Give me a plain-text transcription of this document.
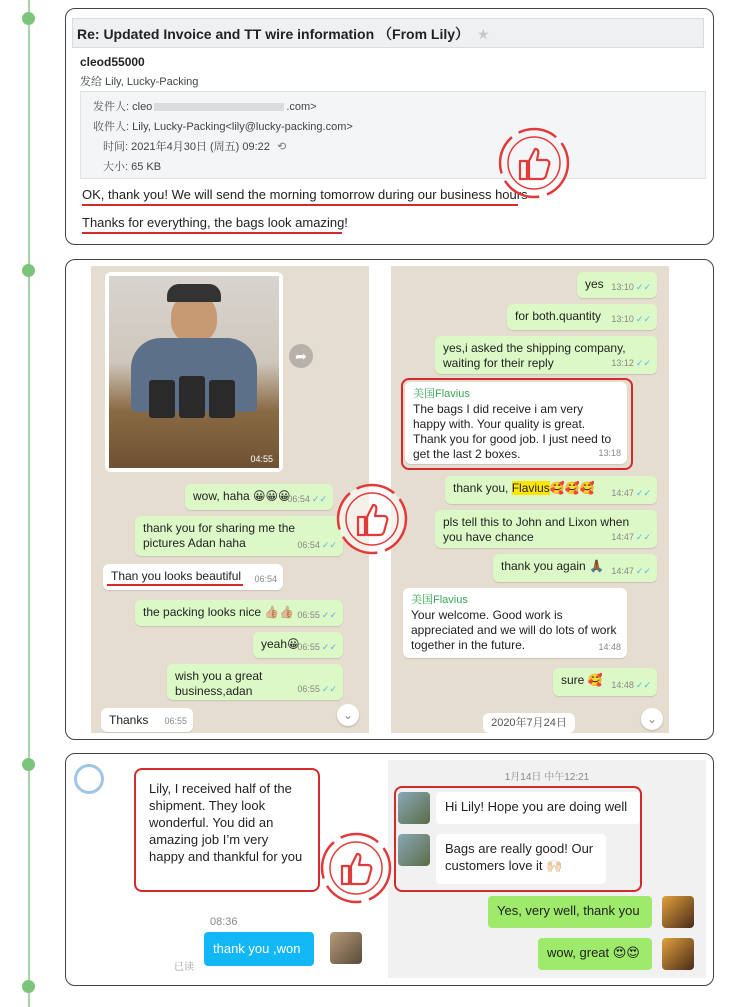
Re: Updated Invoice and TT wire information （From Lily） ★
cleod55000
发给 Lily, Lucky-Packing
发件人: cleo	.com>
收件人: Lily, Lucky-Packing<lily@lucky-packing.com>
时间: 2021年4月30日 (周五) 09:22 ⟲
大小: 65 KB
OK, thank you! We will send the morning tomorrow during our business hours
Thanks for everything, the bags look amazing!
04:55
➦
wow, haha 😀😀😀
06:54 ✓✓
thank you for sharing me the pictures Adan haha	06:54 ✓✓
Than you looks beautiful 06:54
the packing looks nice 👍🏼👍🏼 06:55 ✓✓
yeah😀
06:55 ✓✓
wish you a great business,adan	06:55 ✓✓
Thanks 06:55	⌄
yes 13:10 ✓✓
for both.quantity 13:10 ✓✓
yes,i asked the shipping company, waiting for their reply	13:12 ✓✓
美国Flavius
The bags I did receive i am very happy with. Your quality is great. Thank you for good job. I just need to get the last 2 boxes.	13:18
thank you, Flavius🥰🥰🥰 14:47 ✓✓
pls tell this to John and Lixon when you have chance	14:47 ✓✓
thank you again 🙏🏾 14:47 ✓✓
美国Flavius
Your welcome. Good work is appreciated and we will do lots of work together in the future.	14:48
sure 🥰 14:48 ✓✓
2020年7月24日	⌄
Lily, I received half of the shipment. They look wonderful. You did an amazing job I’m very happy and thankful for you
08:36
thank you ,won
已读
1月14日 中午12:21
Hi Lily! Hope you are doing well
Bags are really good! Our customers love it 🙌🏻
Yes, very well, thank you
wow, great 😍😍
